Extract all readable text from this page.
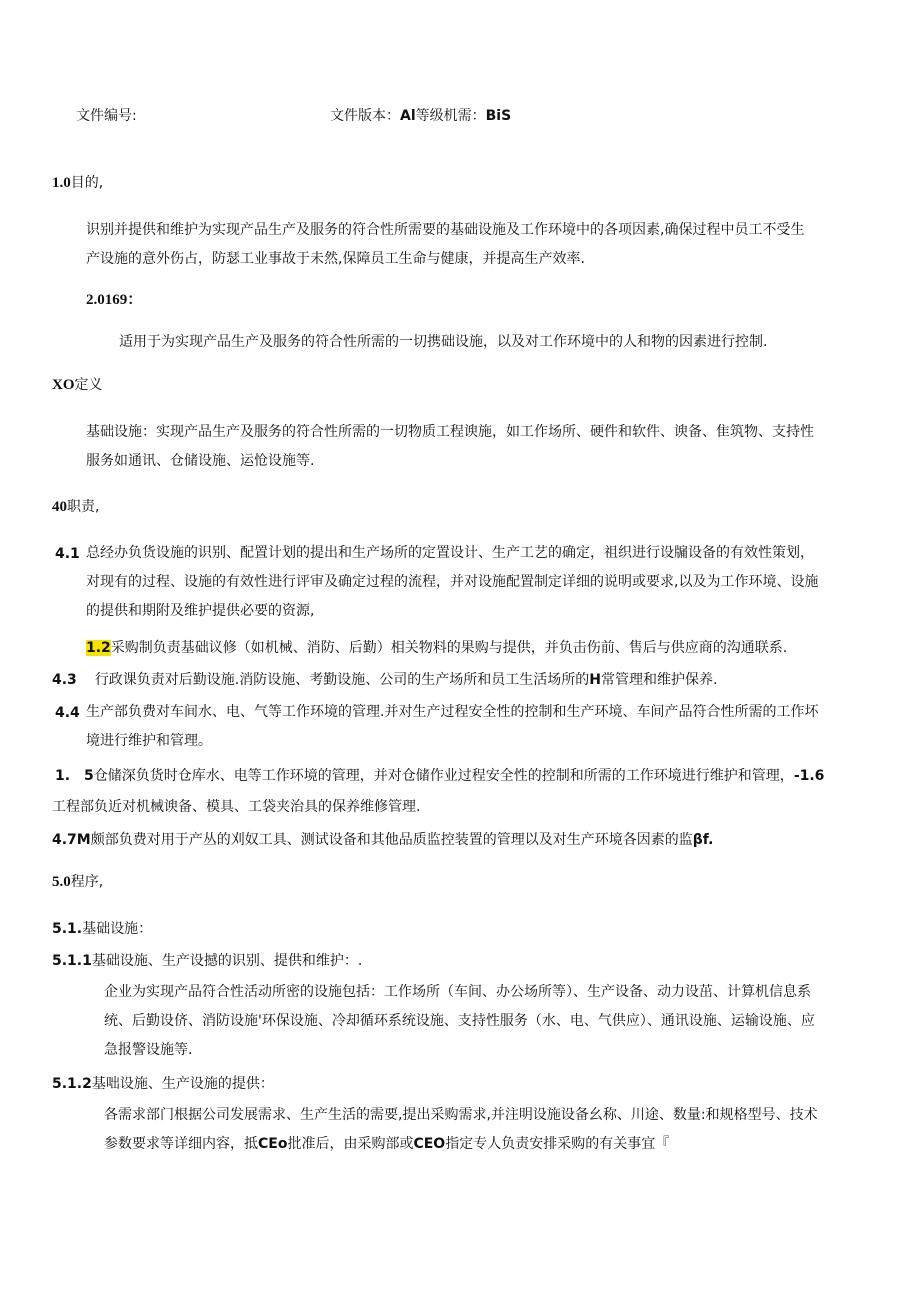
文件编号:	文件版本：Al等级机需：BiS
1.0目的,
识别并提供和维护为实现产品生产及服务的符合性所需要的基础设施及工作环境中的各项因素,确保过程中员工不受生
产设施的意外伤占，防瑟工业事故于未然,保障员工生命与健康，并提高生产效率.
2.0169：
适用于为实现产品生产及服务的符合性所需的一切携础设施，以及对工作环境中的人和物的因素进行控制.
XO定义
基础设施：实现产品生产及服务的符合性所需的一切物质工程谀施，如工作场所、硬件和软件、谀备、隹筑物、支持性
服务如通讯、仓储设施、运怆设施等.
40职责,
4.1 总经办负货设施的识别、配置计划的提出和生产场所的定置设计、生产工艺的确定，祖织进行设牖设备的有效性策划，
对现有的过程、设施的有效性进行评审及确定过程的流程，并对设施配置制定详细的说明或要求,以及为工作环境、设施
的提供和期附及维护提供必要的资源,
1.2采购制负责基础议修（如机械、消防、后勤）相关物料的果购与提供，并负击伤前、售后与供应商的沟通联系.
4.3 行政课负责对后勤设施.消防设施、考勤设施、公司的生产场所和员工生活场所的H常管理和维护保养.
4.4 生产部负费对车间水、电、气等工作环境的管理.并对生产过程安全性的控制和生产环境、车间产品符合性所需的工作坏
境进行维护和管理。
1.　5仓储深负货时仓库水、电等工作环境的管理，并对仓储作业过程安全性的控制和所需的工作环境进行维护和管理，-1.6
工程部负近对机械谀备、模具、工袋夹治具的保养维修管理.
4.7M颇部负费对用于产丛的刈奴工具、测试设备和其他品质监控装置的管理以及对生产环境各因素的监βf.
5.0程序,
5.1.基础设施：
5.1.1基础设施、生产设撼的识别、提供和维护：.
企业为实现产品符合性活动所密的设施包括：工作场所（车间、办公场所等）、生产设备、动力设茁、计算机信息系
统、后勤设侪、消防设施'环保设施、冷却循环系统设施、支持性服务（水、电、气供应）、通讯设施、运输设施、应
急报警设施等.
5.1.2基咄设施、生产设施的提供：
各需求部门根据公司发展需求、生产生活的需要,提出采购需求,并注明设施设备幺称、川途、数量:和规格型号、技术
参数要求等详细内容，抵CEo批准后，由采购部或CEO指定专人负责安排采购的有关事宜『
